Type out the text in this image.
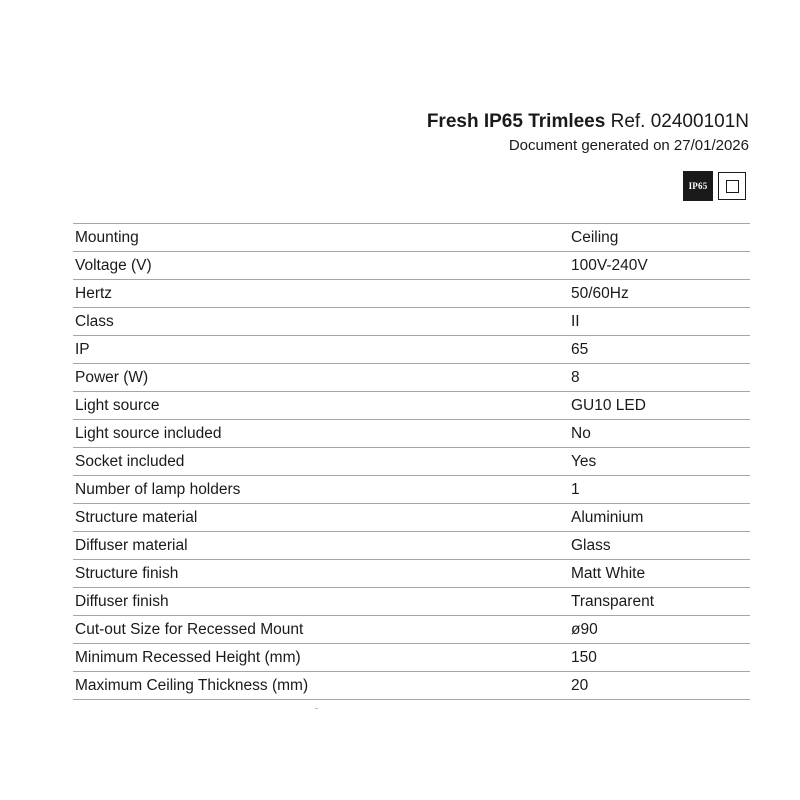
Fresh IP65 Trimlees Ref. 02400101N
Document generated on 27/01/2026
IP65
Mounting	Ceiling
Voltage (V)	100V-240V
Hertz	50/60Hz
Class	II
IP	65
Power (W)	8
Light source	GU10 LED
Light source included	No
Socket included	Yes
Number of lamp holders	1
Structure material	Aluminium
Diffuser material	Glass
Structure finish	Matt White
Diffuser finish	Transparent
Cut-out Size for Recessed Mount	ø90
Minimum Recessed Height (mm)	150
Maximum Ceiling Thickness (mm)	20
